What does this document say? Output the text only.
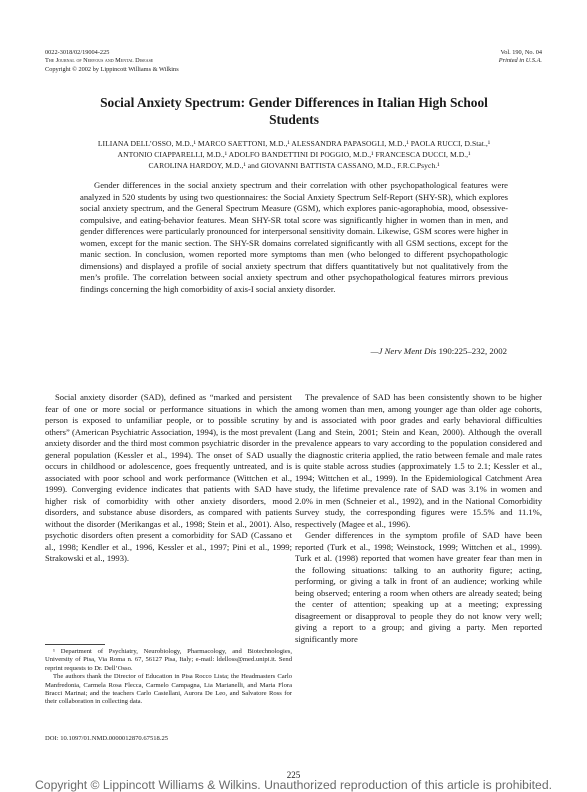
0022-3018/02/19004-225
The Journal of Nervous and Mental Disease
Copyright © 2002 by Lippincott Williams & Wilkins
Vol. 190, No. 04
Printed in U.S.A.
Social Anxiety Spectrum: Gender Differences in Italian High School Students
LILIANA DELL’OSSO, M.D.,¹ MARCO SAETTONI, M.D.,¹ ALESSANDRA PAPASOGLI, M.D.,¹ PAOLA RUCCI, D.Stat.,¹
ANTONIO CIAPPARELLI, M.D.,¹ ADOLFO BANDETTINI DI POGGIO, M.D.,¹ FRANCESCA DUCCI, M.D.,¹
CAROLINA HARDOY, M.D.,¹ and GIOVANNI BATTISTA CASSANO, M.D., F.R.C.Psych.¹

Gender differences in the social anxiety spectrum and their correlation with other psychopathological features were analyzed in 520 students by using two questionnaires: the Social Anxiety Spectrum Self-Report (SHY-SR), which explores social anxiety spectrum, and the General Spectrum Measure (GSM), which explores panic-agoraphobia, mood, obsessive-compulsive, and eating-behavior features. Mean SHY-SR total score was significantly higher in women than in men, and gender differences were particularly pronounced for interpersonal sensitivity domain. Likewise, GSM scores were higher in women, except for the manic section. The SHY-SR domains correlated significantly with all GSM sections, except for the manic section. In conclusion, women reported more symptoms than men (who belonged to different psychopathologic dimensions) and displayed a profile of social anxiety spectrum that differs quantitatively but not qualitatively from the men’s profile. The correlation between social anxiety spectrum and other psychopathological features mirrors previous findings concerning the high comorbidity of axis-I social anxiety disorder.

—J Nerv Ment Dis 190:225–232, 2002

Social anxiety disorder (SAD), defined as “marked and persistent fear of one or more social or performance situations in which the person is exposed to unfamiliar people, or to possible scrutiny by others” (American Psychiatric Association, 1994), is the most prevalent anxiety disorder and the third most common psychiatric disorder in the general population (Kessler et al., 1994). The onset of SAD usually occurs in childhood or adolescence, goes frequently untreated, and is associated with poor school and work performance (Wittchen et al., 1999). Converging evidence indicates that patients with SAD have higher risk of comorbidity with other anxiety disorders, mood disorders, and substance abuse disorders, as compared with patients without the disorder (Merikangas et al., 1998; Stein et al., 2001). Also, psychotic disorders often present a comorbidity for SAD (Cassano et al., 1998; Kendler et al., 1996, Kessler et al., 1997; Pini et al., 1999; Strakowski et al., 1993).

The prevalence of SAD has been consistently shown to be higher among women than men, among younger age than older age cohorts, and is associated with poor grades and early behavioral difficulties (Lang and Stein, 2001; Stein and Kean, 2000). Although the overall prevalence appears to vary according to the population considered and the diagnostic criteria applied, the ratio between female and male rates is quite stable across studies (approximately 1.5 to 2.1; Kessler et al., 1994; Wittchen et al., 1999). In the Epidemiological Catchment Area study, the lifetime prevalence rate of SAD was 3.1% in women and 2.0% in men (Schneier et al., 1992), and in the National Comorbidity Survey study, the corresponding figures were 15.5% and 11.1%, respectively (Magee et al., 1996).

Gender differences in the symptom profile of SAD have been reported (Turk et al., 1998; Weinstock, 1999; Wittchen et al., 1999). Turk et al. (1998) reported that women have greater fear than men in the following situations: talking to an authority figure; acting, performing, or giving a talk in front of an audience; working while being observed; entering a room when others are already seated; being the center of attention; speaking up at a meeting; expressing disagreement or disapproval to people they do not know very well; giving a report to a group; and giving a party. Men reported significantly more

¹ Department of Psychiatry, Neurobiology, Pharmacology, and Biotechnologies, University of Pisa, Via Roma n. 67, 56127 Pisa, Italy; e-mail: ldelloss@med.unipi.it. Send reprint requests to Dr. Dell’Osso.

The authors thank the Director of Education in Pisa Rocco Lista; the Headmasters Carlo Manfredonia, Carmela Rosa Flecca, Carmelo Campagna, Lia Marianelli, and Maria Flora Bracci Marinai; and the teachers Carlo Castellani, Aurora De Leo, and Salvatore Ross for their collaboration in collecting data.

DOI: 10.1097/01.NMD.0000012870.67518.25
225
Copyright © Lippincott Williams & Wilkins. Unauthorized reproduction of this article is prohibited.
